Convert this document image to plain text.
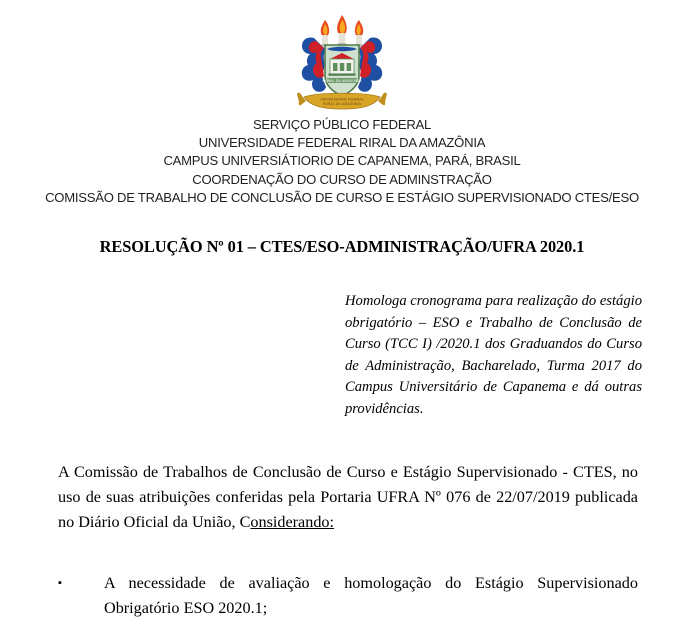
RURAL DA AMAZONIA
UNIVERSIDADE FEDERAL
RURAL DA AMAZONIA
SERVIÇO PÚBLICO FEDERAL
UNIVERSIDADE FEDERAL RIRAL DA AMAZÔNIA
CAMPUS UNIVERSIÁTIORIO DE CAPANEMA, PARÁ, BRASIL
COORDENAÇÃO DO CURSO DE ADMINSTRAÇÃO
COMISSÃO DE TRABALHO DE CONCLUSÃO DE CURSO E ESTÁGIO SUPERVISIONADO CTES/ESO
RESOLUÇÃO Nº 01 – CTES/ESO-ADMINISTRAÇÃO/UFRA 2020.1
Homologa cronograma para realização do estágio obrigatório – ESO e Trabalho de Conclusão de Curso (TCC I) /2020.1 dos Graduandos do Curso de Administração, Bacharelado, Turma 2017 do Campus Universitário de Capanema e dá outras providências.

A Comissão de Trabalhos de Conclusão de Curso e Estágio Supervisionado - CTES, no uso de suas atribuições conferidas pela Portaria UFRA Nº 076 de 22/07/2019 publicada no Diário Oficial da União, Considerando:

▪	A necessidade de avaliação e homologação do Estágio Supervisionado Obrigatório ESO 2020.1;
